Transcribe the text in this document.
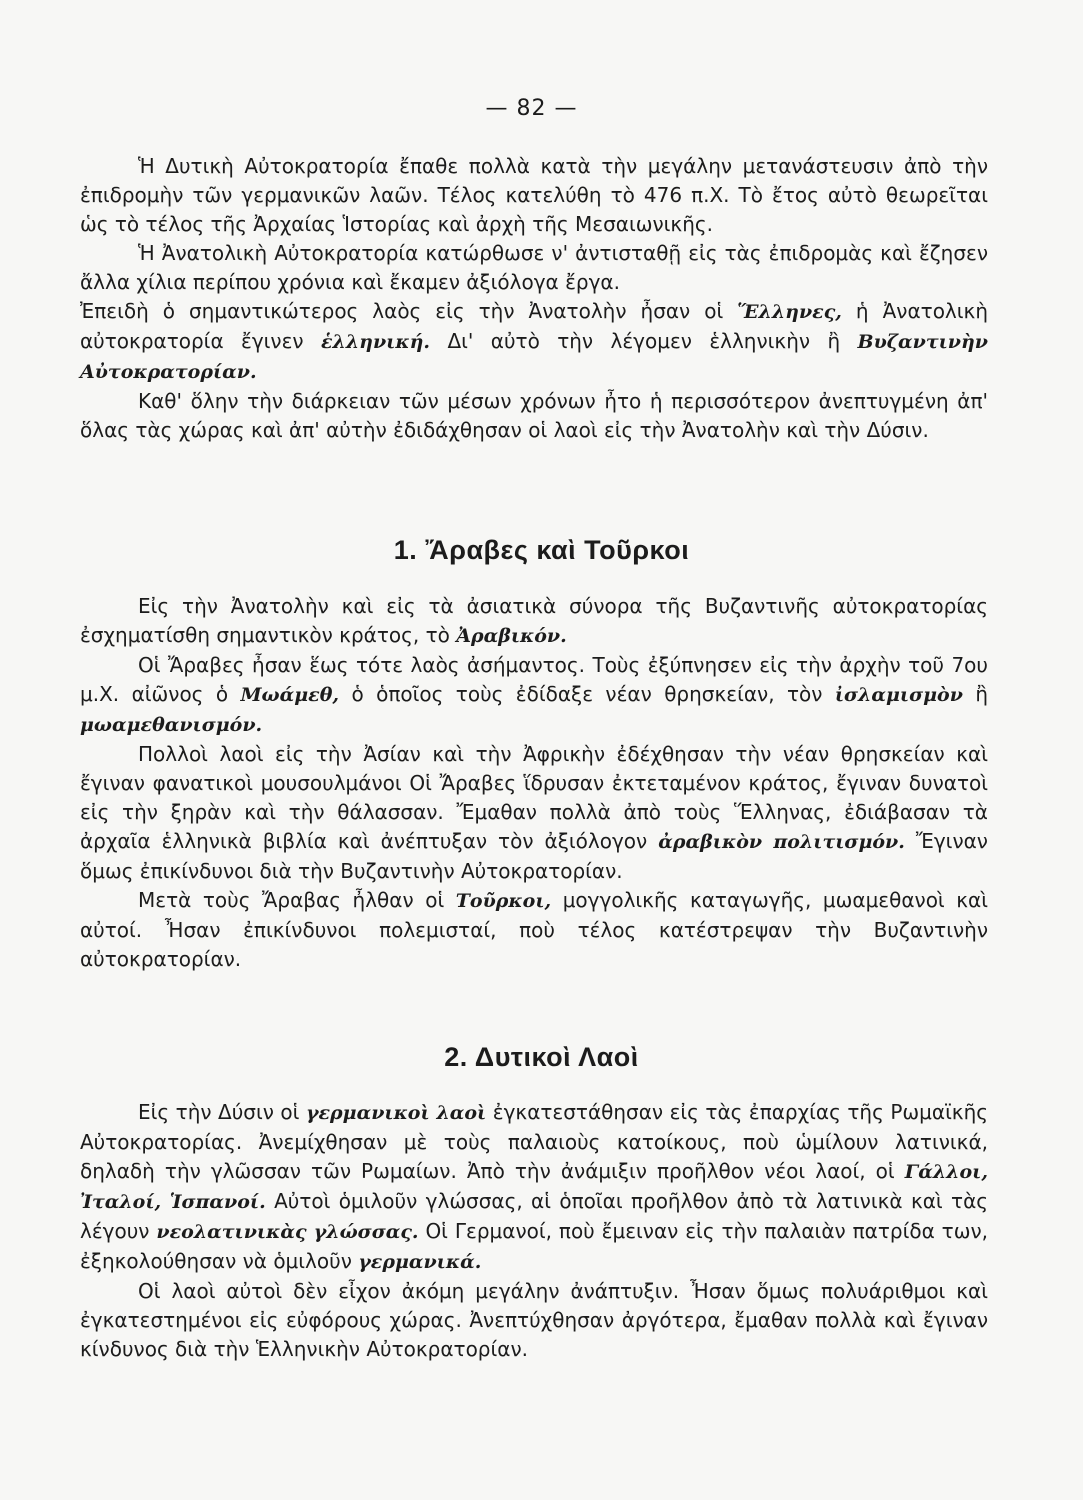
— 82 —

Ἡ Δυτικὴ Αὐτοκρατορία ἔπαθε πολλὰ κατὰ τὴν μεγάλην μετανάστευσιν ἀπὸ τὴν ἐπιδρομὴν τῶν γερμανικῶν λαῶν. Τέλος κατελύθη τὸ 476 π.Χ. Τὸ ἔτος αὐτὸ θεωρεῖται ὡς τὸ τέλος τῆς Ἀρχαίας Ἱστορίας καὶ ἀρχὴ τῆς Μεσαιωνικῆς.

Ἡ Ἀνατολικὴ Αὐτοκρατορία κατώρθωσε ν' ἀντισταθῇ εἰς τὰς ἐπιδρομὰς καὶ ἔζησεν ἄλλα χίλια περίπου χρόνια καὶ ἔκαμεν ἀξιόλογα ἔργα.

Ἐπειδὴ ὁ σημαντικώτερος λαὸς εἰς τὴν Ἀνατολὴν ἦσαν οἱ Ἕλληνες, ἡ Ἀνατολικὴ αὐτοκρατορία ἔγινεν ἑλληνική. Δι' αὐτὸ τὴν λέγομεν ἑλληνικὴν ἢ Βυζαντινὴν Αὐτοκρατορίαν.

Καθ' ὅλην τὴν διάρκειαν τῶν μέσων χρόνων ἦτο ἡ περισσότερον ἀνεπτυγμένη ἀπ' ὅλας τὰς χώρας καὶ ἀπ' αὐτὴν ἐδιδάχθησαν οἱ λαοὶ εἰς τὴν Ἀνατολὴν καὶ τὴν Δύσιν.

1. Ἄραβες καὶ Τοῦρκοι

Εἰς τὴν Ἀνατολὴν καὶ εἰς τὰ ἀσιατικὰ σύνορα τῆς Βυζαντινῆς αὐτοκρατορίας ἐσχηματίσθη σημαντικὸν κράτος, τὸ Ἀραβικόν.

Οἱ Ἄραβες ἦσαν ἕως τότε λαὸς ἀσήμαντος. Τοὺς ἐξύπνησεν εἰς τὴν ἀρχὴν τοῦ 7ου μ.Χ. αἰῶνος ὁ Μωάμεθ, ὁ ὁποῖος τοὺς ἐδίδαξε νέαν θρησκείαν, τὸν ἰσλαμισμὸν ἢ μωαμεθανισμόν.

Πολλοὶ λαοὶ εἰς τὴν Ἀσίαν καὶ τὴν Ἀφρικὴν ἐδέχθησαν τὴν νέαν θρησκείαν καὶ ἔγιναν φανατικοὶ μουσουλμάνοι Οἱ Ἄραβες ἵδρυσαν ἐκτεταμένον κράτος, ἔγιναν δυνατοὶ εἰς τὴν ξηρὰν καὶ τὴν θάλασσαν. Ἔμαθαν πολλὰ ἀπὸ τοὺς Ἕλληνας, ἐδιάβασαν τὰ ἀρχαῖα ἑλληνικὰ βιβλία καὶ ἀνέπτυξαν τὸν ἀξιόλογον ἀραβικὸν πολιτισμόν. Ἔγιναν ὅμως ἐπικίνδυνοι διὰ τὴν Βυζαντινὴν Αὐτοκρατορίαν.

Μετὰ τοὺς Ἄραβας ἦλθαν οἱ Τοῦρκοι, μογγολικῆς καταγωγῆς, μωαμεθανοὶ καὶ αὐτοί. Ἦσαν ἐπικίνδυνοι πολεμισταί, ποὺ τέλος κατέστρεψαν τὴν Βυζαντινὴν αὐτοκρατορίαν.

2. Δυτικοὶ Λαοὶ

Εἰς τὴν Δύσιν οἱ γερμανικοὶ λαοὶ ἐγκατεστάθησαν εἰς τὰς ἐπαρχίας τῆς Ρωμαϊκῆς Αὐτοκρατορίας. Ἀνεμίχθησαν μὲ τοὺς παλαιοὺς κατοίκους, ποὺ ὡμίλουν λατινικά, δηλαδὴ τὴν γλῶσσαν τῶν Ρωμαίων. Ἀπὸ τὴν ἀνάμιξιν προῆλθον νέοι λαοί, οἱ Γάλλοι, Ἰταλοί, Ἱσπανοί. Αὐτοὶ ὁμιλοῦν γλώσσας, αἱ ὁποῖαι προῆλθον ἀπὸ τὰ λατινικὰ καὶ τὰς λέγουν νεολατινικὰς γλώσσας. Οἱ Γερμανοί, ποὺ ἔμειναν εἰς τὴν παλαιὰν πατρίδα των, ἐξηκολούθησαν νὰ ὁμιλοῦν γερμανικά.

Οἱ λαοὶ αὐτοὶ δὲν εἶχον ἀκόμη μεγάλην ἀνάπτυξιν. Ἦσαν ὅμως πολυάριθμοι καὶ ἐγκατεστημένοι εἰς εὐφόρους χώρας. Ἀνεπτύχθησαν ἀργότερα, ἔμαθαν πολλὰ καὶ ἔγιναν κίνδυνος διὰ τὴν Ἑλληνικὴν Αὐτοκρατορίαν.
